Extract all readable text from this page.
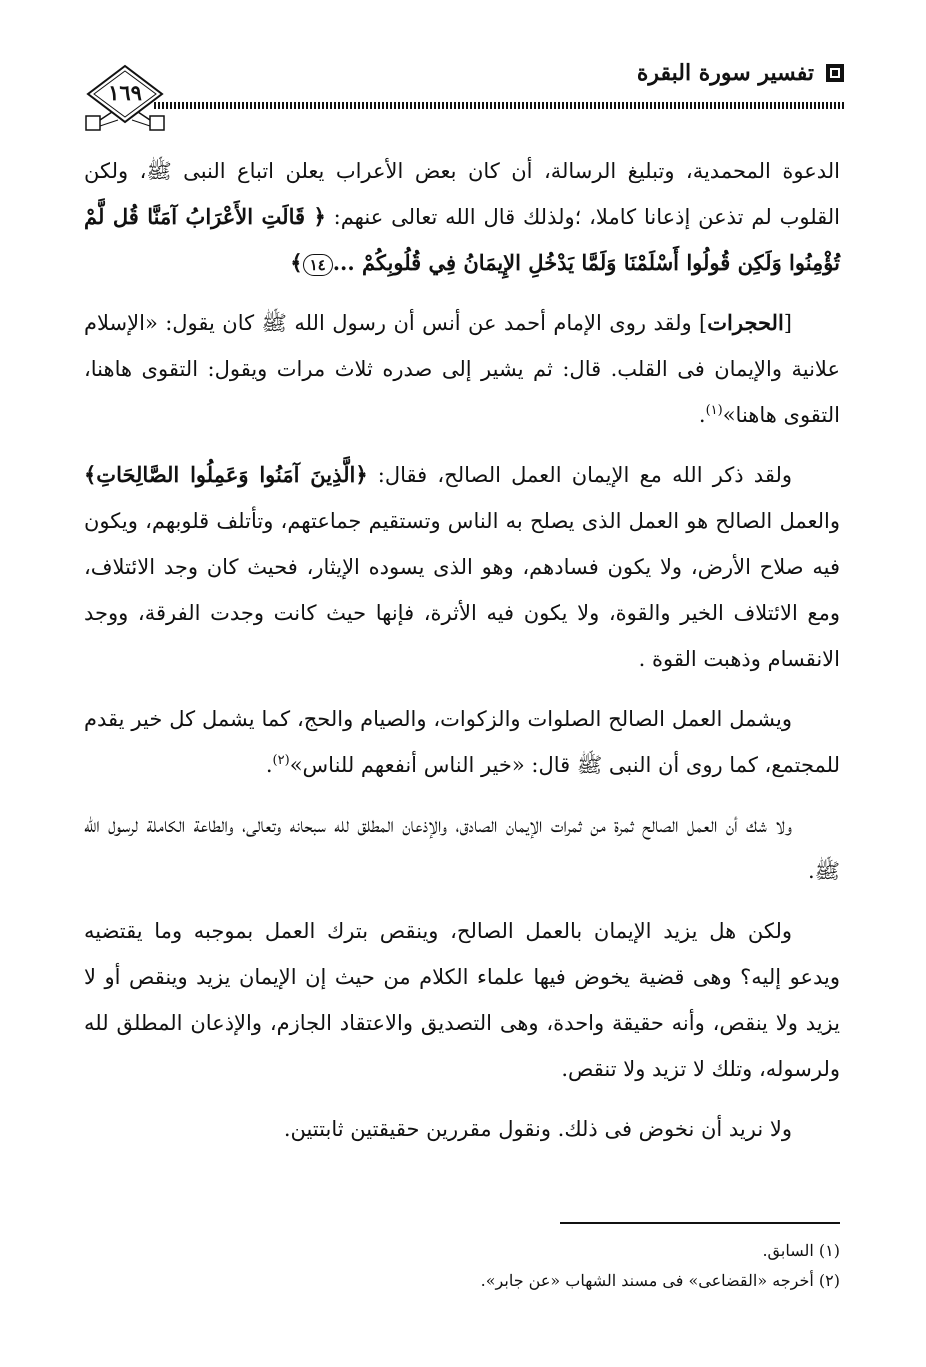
تفسير سورة البقرة
١٦٩

الدعوة المحمدية، وتبليغ الرسالة، أن كان بعض الأعراب يعلن اتباع النبى ﷺ، ولكن القلوب لم تذعن إذعانا كاملا، ؛ولذلك قال الله تعالى عنهم: ﴿ قَالَتِ الأَعْرَابُ آمَنَّا قُل لَّمْ تُؤْمِنُوا وَلَكِن قُولُوا أَسْلَمْنَا وَلَمَّا يَدْخُلِ الإِيمَانُ فِي قُلُوبِكُمْ ...١٤﴾

[الحجرات] ولقد روى الإمام أحمد عن أنس أن رسول الله ﷺ كان يقول: «الإسلام علانية والإيمان فى القلب. قال: ثم يشير إلى صدره ثلاث مرات ويقول: التقوى هاهنا، التقوى هاهنا»$^{(١)}$.

ولقد ذكر الله مع الإيمان العمل الصالح، فقال: ﴿الَّذِينَ آمَنُوا وَعَمِلُوا الصَّالِحَاتِ﴾ والعمل الصالح هو العمل الذى يصلح به الناس وتستقيم جماعتهم، وتأتلف قلوبهم، ويكون فيه صلاح الأرض، ولا يكون فسادهم، وهو الذى يسوده الإيثار، فحيث كان وجد الائتلاف، ومع الائتلاف الخير والقوة، ولا يكون فيه الأثرة، فإنها حيث كانت وجدت الفرقة، ووجد الانقسام وذهبت القوة .

ويشمل العمل الصالح الصلوات والزكوات، والصيام والحج، كما يشمل كل خير يقدم للمجتمع، كما روى أن النبى ﷺ قال: «خير الناس أنفعهم للناس»$^{(٢)}$.

ولا شك أن العمل الصالح ثمرة من ثمرات الإيمان الصادق، والإذعان المطلق لله سبحانه وتعالى، والطاعة الكاملة لرسول الله ﷺ.

ولكن هل يزيد الإيمان بالعمل الصالح، وينقص بترك العمل بموجبه وما يقتضيه ويدعو إليه؟ وهى قضية يخوض فيها علماء الكلام من حيث إن الإيمان يزيد وينقص أو لا يزيد ولا ينقص، وأنه حقيقة واحدة، وهى التصديق والاعتقاد الجازم، والإذعان المطلق لله ولرسوله، وتلك لا تزيد ولا تنقص.

ولا نريد أن نخوض فى ذلك. ونقول مقررين حقيقتين ثابتتين.

(١) السابق.

(٢) أخرجه «القضاعى» فى مسند الشهاب «عن جابر».
